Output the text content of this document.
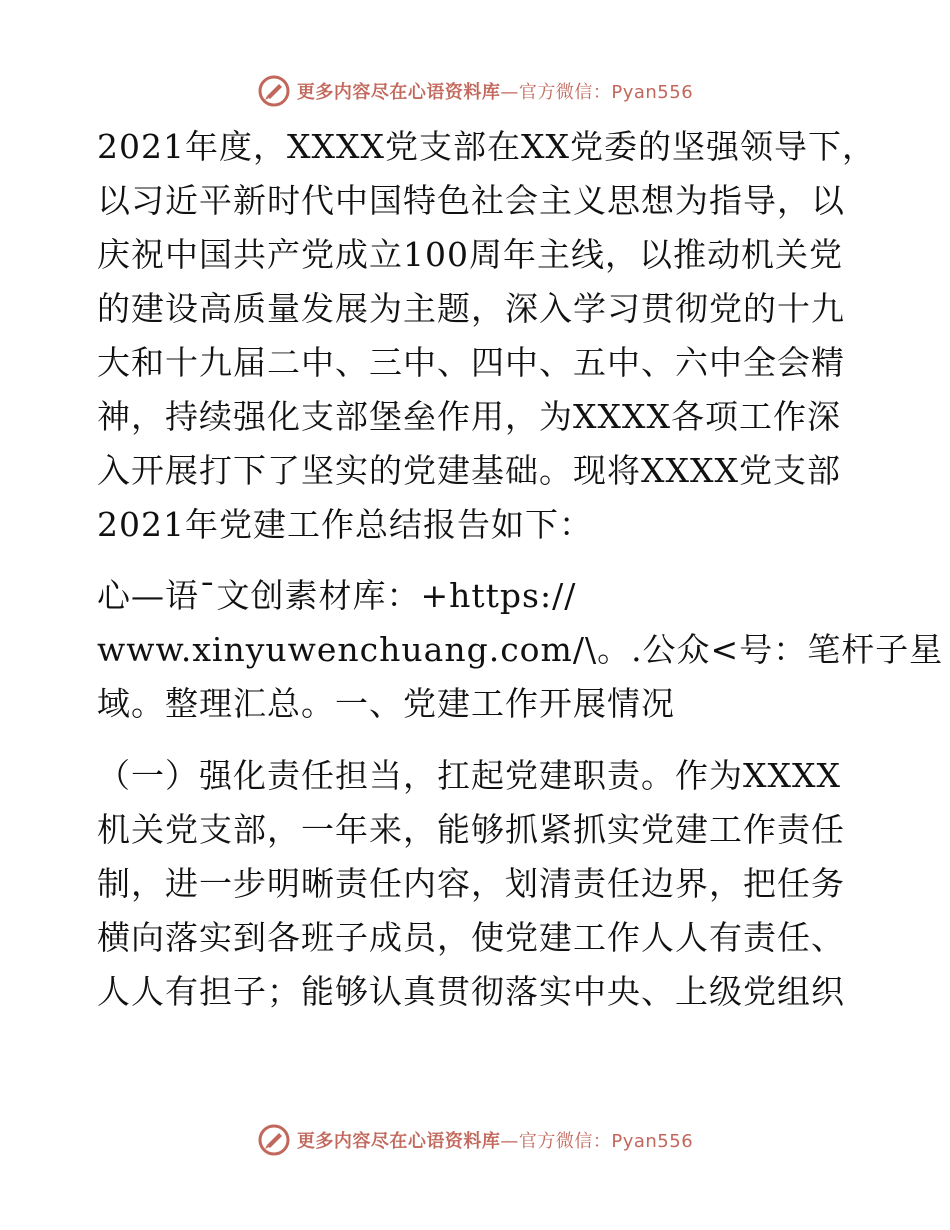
更多内容尽在心语资料库—官方微信：Pyan556
2021年度，XXXX党支部在XX党委的坚强领导下，
以习近平新时代中国特色社会主义思想为指导，以
庆祝中国共产党成立100周年主线，以推动机关党
的建设高质量发展为主题，深入学习贯彻党的十九
大和十九届二中、三中、四中、五中、六中全会精
神，持续强化支部堡垒作用，为XXXX各项工作深
入开展打下了坚实的党建基础。现将XXXX党支部
2021年党建工作总结报告如下：
心—语¯文创素材库：+https://
www.xinyuwenchuang.com/\。.公众<号：笔杆子星
域。整理汇总。一、党建工作开展情况
（一）强化责任担当，扛起党建职责。作为XXXX
机关党支部，一年来，能够抓紧抓实党建工作责任
制，进一步明晰责任内容，划清责任边界，把任务
横向落实到各班子成员，使党建工作人人有责任、
人人有担子；能够认真贯彻落实中央、上级党组织
更多内容尽在心语资料库—官方微信：Pyan556
